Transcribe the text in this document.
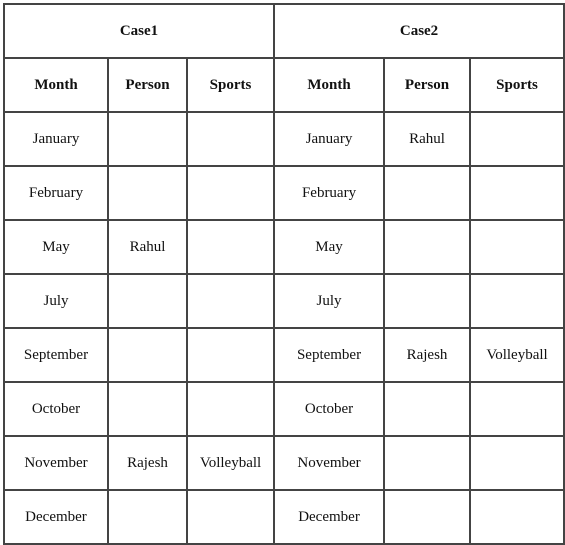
Case1			Case2		
Month	Person	Sports	Month	Person	Sports
January			January	Rahul	
February			February		
May	Rahul		May		
July			July		
September			September	Rajesh	Volleyball
October			October		
November	Rajesh	Volleyball	November		
December			December		
